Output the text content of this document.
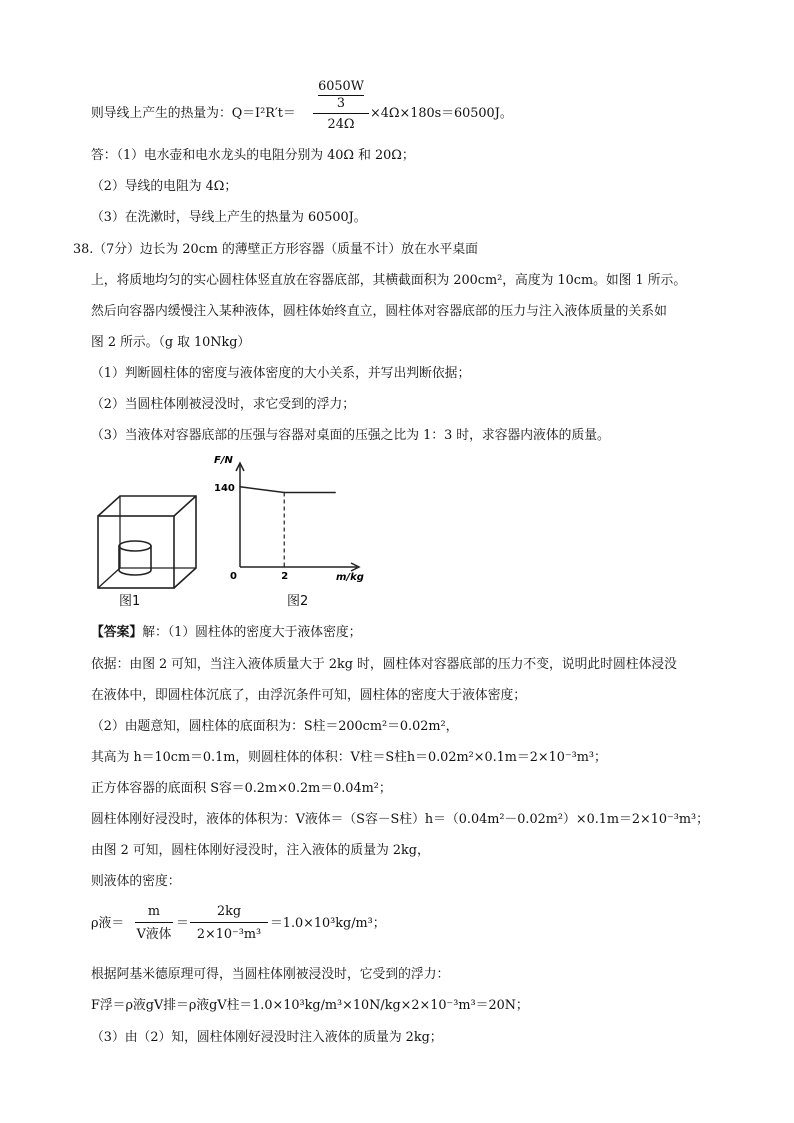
则导线上产生的热量为：Q＝I²R′t＝
6050W
3
24Ω
×4Ω×180s＝60500J。
答：（1）电水壶和电水龙头的电阻分别为 40Ω 和 20Ω；
（2）导线的电阻为 4Ω；
（3）在洗漱时，导线上产生的热量为 60500J。
38.（7分）边长为 20cm 的薄壁正方形容器（质量不计）放在水平桌面
上，将质地均匀的实心圆柱体竖直放在容器底部，其横截面积为 200cm²，高度为 10cm。如图 1 所示。
然后向容器内缓慢注入某种液体，圆柱体始终直立，圆柱体对容器底部的压力与注入液体质量的关系如
图 2 所示。（g 取 10Nkg）
（1）判断圆柱体的密度与液体密度的大小关系，并写出判断依据；
（2）当圆柱体刚被浸没时，求它受到的浮力；
（3）当液体对容器底部的压强与容器对桌面的压强之比为 1：3 时，求容器内液体的质量。
图1
F/N
m/kg
0
140
2
图2
【答案】解：（1）圆柱体的密度大于液体密度；
依据：由图 2 可知，当注入液体质量大于 2kg 时，圆柱体对容器底部的压力不变，说明此时圆柱体浸没
在液体中，即圆柱体沉底了，由浮沉条件可知，圆柱体的密度大于液体密度；
（2）由题意知，圆柱体的底面积为：S柱＝200cm²＝0.02m²，
其高为 h＝10cm＝0.1m，则圆柱体的体积：V柱＝S柱h＝0.02m²×0.1m＝2×10⁻³m³；
正方体容器的底面积 S容＝0.2m×0.2m＝0.04m²；
圆柱体刚好浸没时，液体的体积为：V液体＝（S容－S柱）h＝（0.04m²－0.02m²）×0.1m＝2×10⁻³m³；
由图 2 可知，圆柱体刚好浸没时，注入液体的质量为 2kg，
则液体的密度：
ρ液＝
m
V液体
＝
2kg
2×10⁻³m³
＝1.0×10³kg/m³；
根据阿基米德原理可得，当圆柱体刚被浸没时，它受到的浮力：
F浮＝ρ液gV排＝ρ液gV柱＝1.0×10³kg/m³×10N/kg×2×10⁻³m³＝20N；
（3）由（2）知，圆柱体刚好浸没时注入液体的质量为 2kg；
